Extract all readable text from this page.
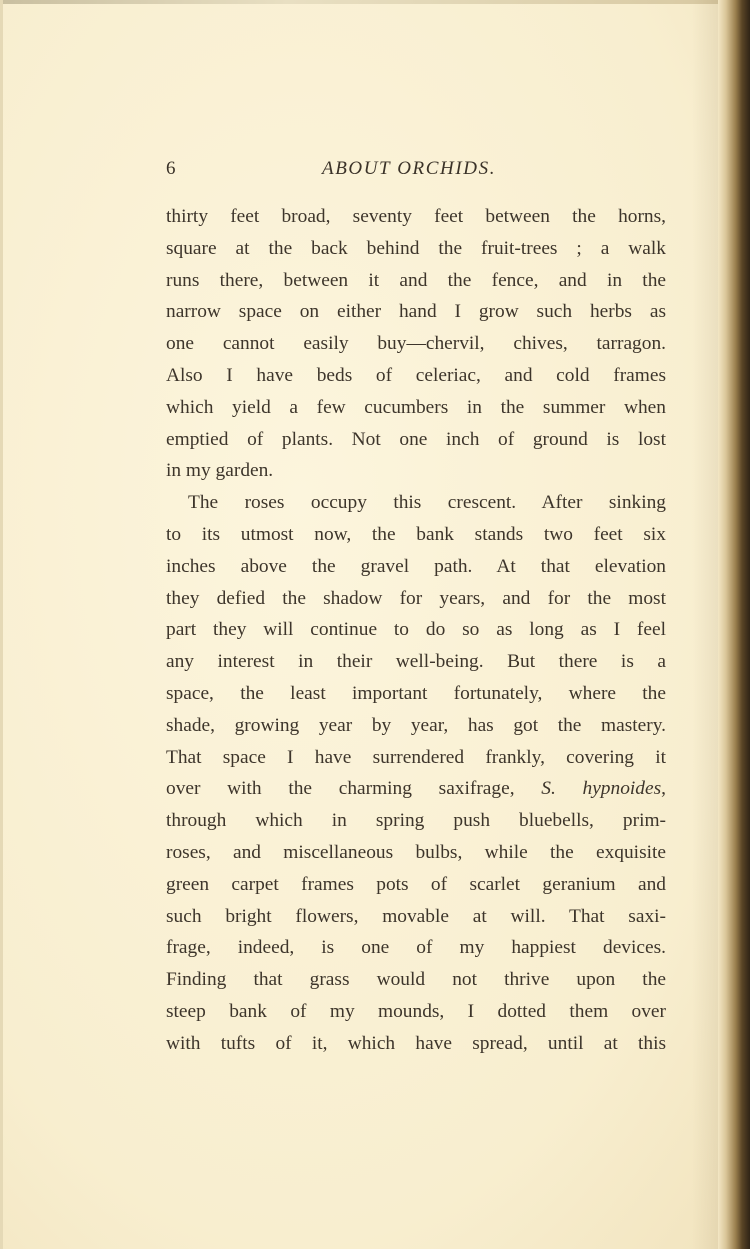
6	ABOUT ORCHIDS.
thirty feet broad, seventy feet between the horns,
square at the back behind the fruit-trees ; a walk
runs there, between it and the fence, and in the
narrow space on either hand I grow such herbs as
one cannot easily buy—chervil, chives, tarragon.
Also I have beds of celeriac, and cold frames
which yield a few cucumbers in the summer when
emptied of plants. Not one inch of ground is lost
in my garden.
The roses occupy this crescent. After sinking
to its utmost now, the bank stands two feet six
inches above the gravel path. At that elevation
they defied the shadow for years, and for the most
part they will continue to do so as long as I feel
any interest in their well-being. But there is a
space, the least important fortunately, where the
shade, growing year by year, has got the mastery.
That space I have surrendered frankly, covering it
over with the charming saxifrage, S. hypnoides,
through which in spring push bluebells, prim-
roses, and miscellaneous bulbs, while the exquisite
green carpet frames pots of scarlet geranium and
such bright flowers, movable at will. That saxi-
frage, indeed, is one of my happiest devices.
Finding that grass would not thrive upon the
steep bank of my mounds, I dotted them over
with tufts of it, which have spread, until at this
